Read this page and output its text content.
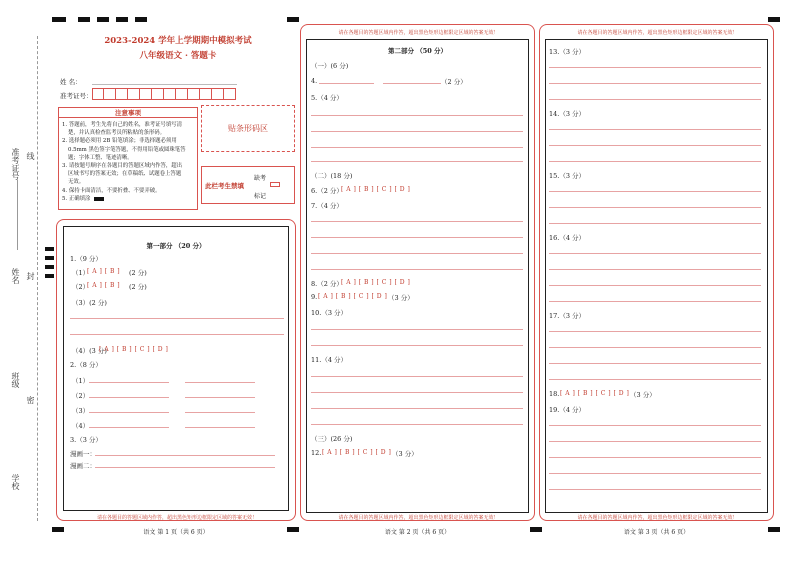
准考证号 线
姓名 封
班级
密
学校
2023-2024 学年上学期期中模拟考试
八年级语文 · 答题卡
姓 名：
准考证号：
注意事项
1. 答题前，考生先将自己的姓名，准考证号填写清
楚，并认真检查监考员所粘贴的条形码。
2. 选择题必须用 2B 铅笔填涂；非选择题必须用
0.5mm 黑色签字笔答题，不得用铅笔或圆珠笔答
题；字体工整、笔迹清晰。
3. 请按题号顺序在各题目的答题区域内作答，超出
区域书写的答案无效；在草稿纸、试题卷上答题
无效。
4. 保持卡面清洁，不要折叠、不要弄破。
5. 正确填涂
贴条形码区
此栏考生禁填
缺考
标记
第一部分 （20 分）
1.（9 分）
（1）
[ A ] [ B ] (2 分)
（2）
[ A ] [ B ] (2 分)
（3）(2 分)
（4）(3 分)
[ A ] [ B ] [ C ] [ D ]
2.（8 分）
（1）
（2）
（3）
（4）
3.（3 分）
漫画一：
漫画二：
请在各题目的答题区域内作答，超出黑色矩形边框限定区域的答案无效！
语文 第 1 页（共 6 页）
请在各题目的答题区域内作答，超出黑色矩形边框限定区域的答案无效！
第二部分 （50 分）
（一）(6 分)
4.	（2 分）
5.（4 分）
（二）(18 分)
6.（2 分）
[ A ] [ B ] [ C ] [ D ]
7.（4 分）
8.（2 分）
[ A ] [ B ] [ C ] [ D ]
9. [ A ] [ B ] [ C ] [ D ] （3 分）
10.（3 分）
11.（4 分）
（三）(26 分)
12. [ A ] [ B ] [ C ] [ D ] （3 分）
请在各题目的答题区域内作答，超出黑色矩形边框限定区域的答案无效！
语文 第 2 页（共 6 页）
请在各题目的答题区域内作答，超出黑色矩形边框限定区域的答案无效！
13.（3 分）
14.（3 分）
15.（3 分）
16.（4 分）
17.（3 分）
18. [ A ] [ B ] [ C ] [ D ] （3 分）
19.（4 分）
请在各题目的答题区域内作答，超出黑色矩形边框限定区域的答案无效！
语文 第 3 页（共 6 页）
